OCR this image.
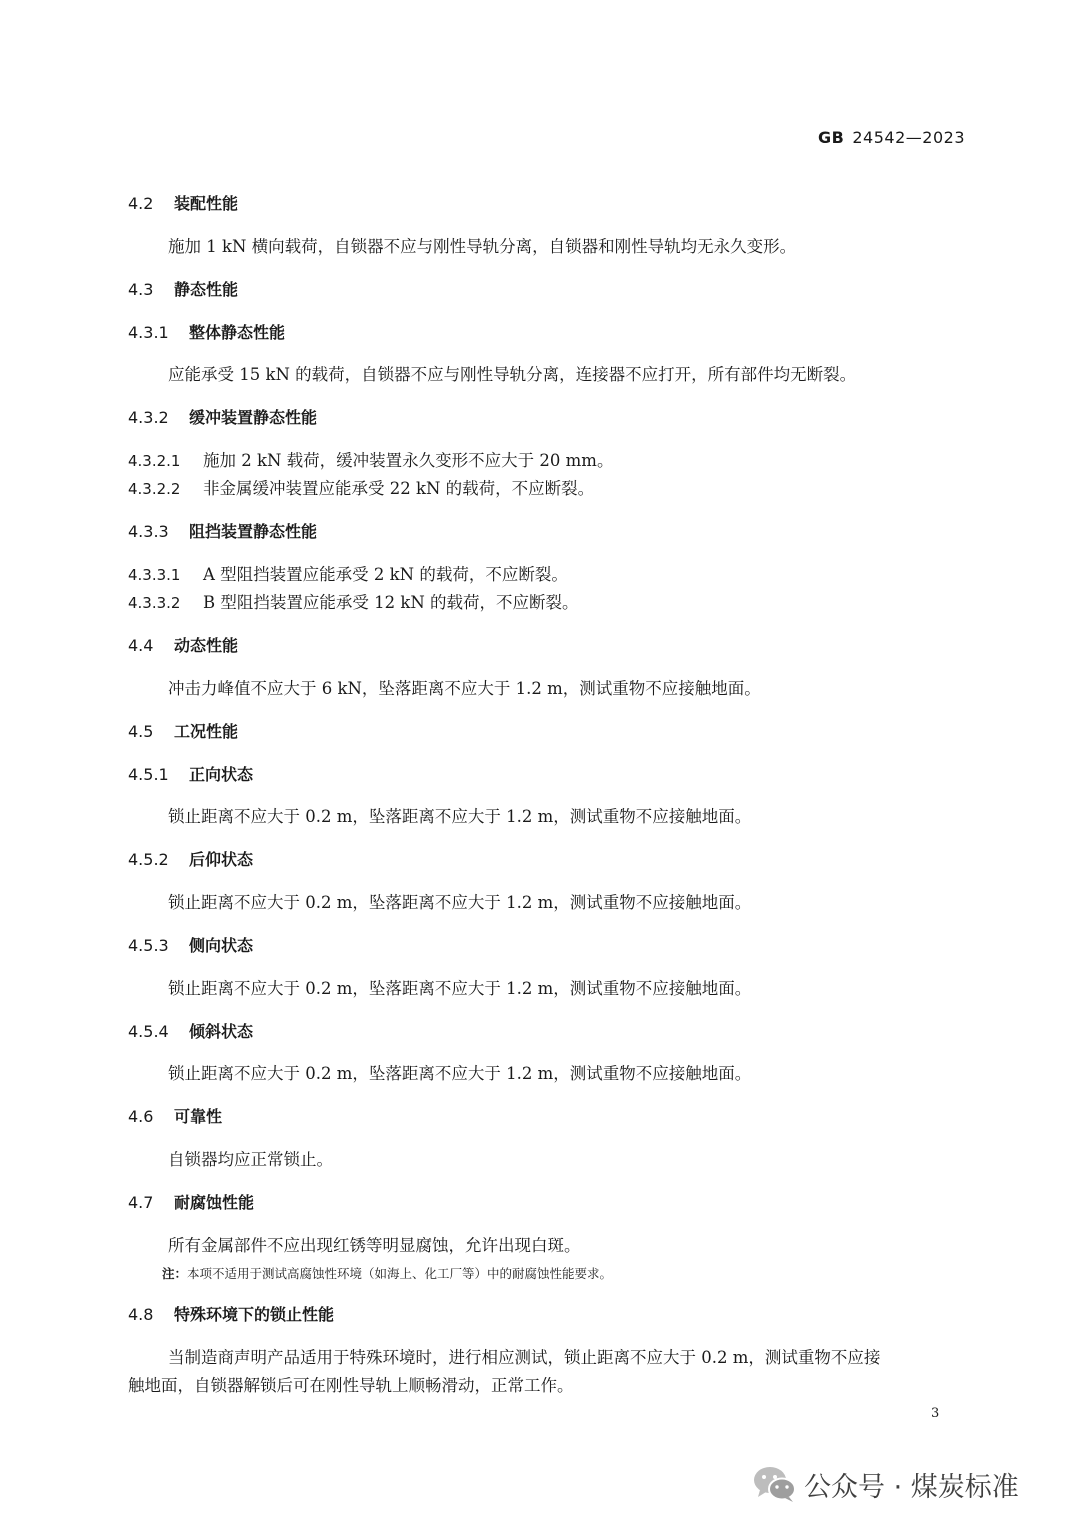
GB 24542—2023
4.2 装配性能
施加 1 kN 横向载荷，自锁器不应与刚性导轨分离，自锁器和刚性导轨均无永久变形。
4.3 静态性能
4.3.1 整体静态性能
应能承受 15 kN 的载荷，自锁器不应与刚性导轨分离，连接器不应打开，所有部件均无断裂。
4.3.2 缓冲装置静态性能
4.3.2.1 施加 2 kN 载荷，缓冲装置永久变形不应大于 20 mm。
4.3.2.2 非金属缓冲装置应能承受 22 kN 的载荷，不应断裂。
4.3.3 阻挡装置静态性能
4.3.3.1 A 型阻挡装置应能承受 2 kN 的载荷，不应断裂。
4.3.3.2 B 型阻挡装置应能承受 12 kN 的载荷，不应断裂。
4.4 动态性能
冲击力峰值不应大于 6 kN，坠落距离不应大于 1.2 m，测试重物不应接触地面。
4.5 工况性能
4.5.1 正向状态
锁止距离不应大于 0.2 m，坠落距离不应大于 1.2 m，测试重物不应接触地面。
4.5.2 后仰状态
锁止距离不应大于 0.2 m，坠落距离不应大于 1.2 m，测试重物不应接触地面。
4.5.3 侧向状态
锁止距离不应大于 0.2 m，坠落距离不应大于 1.2 m，测试重物不应接触地面。
4.5.4 倾斜状态
锁止距离不应大于 0.2 m，坠落距离不应大于 1.2 m，测试重物不应接触地面。
4.6 可靠性
自锁器均应正常锁止。
4.7 耐腐蚀性能
所有金属部件不应出现红锈等明显腐蚀，允许出现白斑。
注：本项不适用于测试高腐蚀性环境（如海上、化工厂等）中的耐腐蚀性能要求。
4.8 特殊环境下的锁止性能
当制造商声明产品适用于特殊环境时，进行相应测试，锁止距离不应大于 0.2 m，测试重物不应接
触地面，自锁器解锁后可在刚性导轨上顺畅滑动，正常工作。
3
公众号 · 煤炭标准
